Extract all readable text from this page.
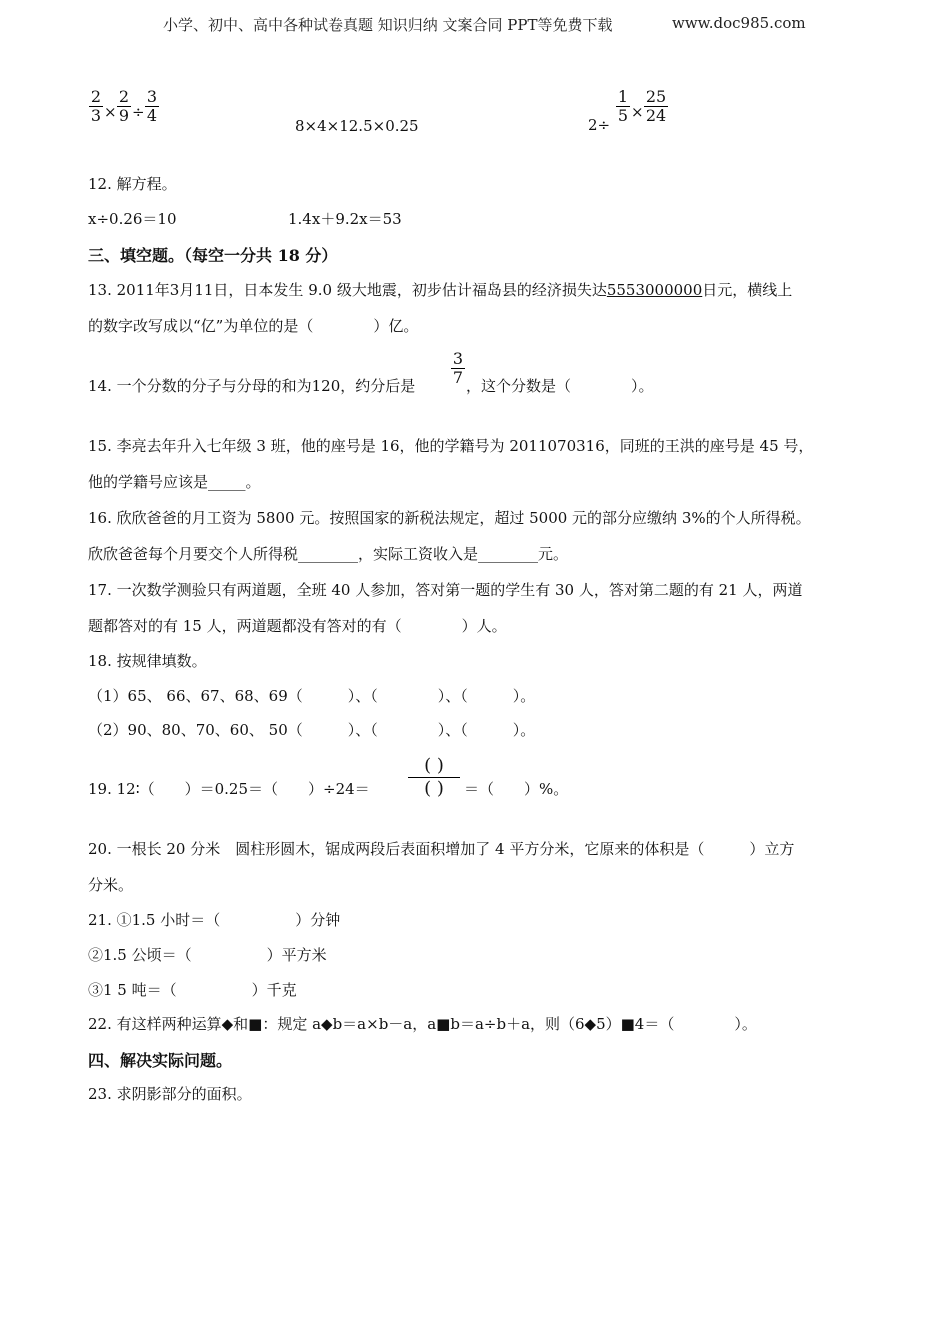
小学、初中、高中各种试卷真题 知识归纳 文案合同 PPT等免费下载	www.doc985.com
2
3 ×
2
9 ÷
3
4
8×4×12.5×0.25	2÷
1
5 ×
25
24
12. 解方程。
x÷0.26＝10	1.4x＋9.2x＝53
三、填空题。（每空一分共 18 分）
13. 2011年3月11日，日本发生 9.0 级大地震，初步估计福岛县的经济损失达5553000000日元，横线上
的数字改写成以“亿”为单位的是（　　　　）亿。
14. 一个分数的分子与分母的和为120，约分后是
3
7 ，这个分数是（　　　　）。
15. 李亮去年升入七年级 3 班，他的座号是 16，他的学籍号为 2011070316，同班的王洪的座号是 45 号，
他的学籍号应该是_____。
16. 欣欣爸爸的月工资为 5800 元。按照国家的新税法规定，超过 5000 元的部分应缴纳 3%的个人所得税。
欣欣爸爸每个月要交个人所得税________，实际工资收入是________元。
17. 一次数学测验只有两道题，全班 40 人参加，答对第一题的学生有 30 人，答对第二题的有 21 人，两道
题都答对的有 15 人，两道题都没有答对的有（　　　　）人。
18. 按规律填数。
（1）65、 66、67、68、69（　　　）、（　　　　）、（　　　）。
（2）90、80、70、60、 50（　　　）、（　　　　）、（　　　）。
19. 12∶（　　）＝0.25＝（　　）÷24＝
( )
( ) ＝（　　）%。
20. 一根长 20 分米　圆柱形圆木，锯成两段后表面积增加了 4 平方分米，它原来的体积是（　　　）立方
分米。
21. ①1.5 小时＝（　　　　　）分钟
②1.5 公顷＝（　　　　　）平方米
③1 5 吨＝（　　　　　）千克
22. 有这样两种运算◆和■：规定 a◆b＝a×b－a，a■b＝a÷b＋a，则（6◆5）■4＝（　　　　）。
四、解决实际问题。
23. 求阴影部分的面积。
